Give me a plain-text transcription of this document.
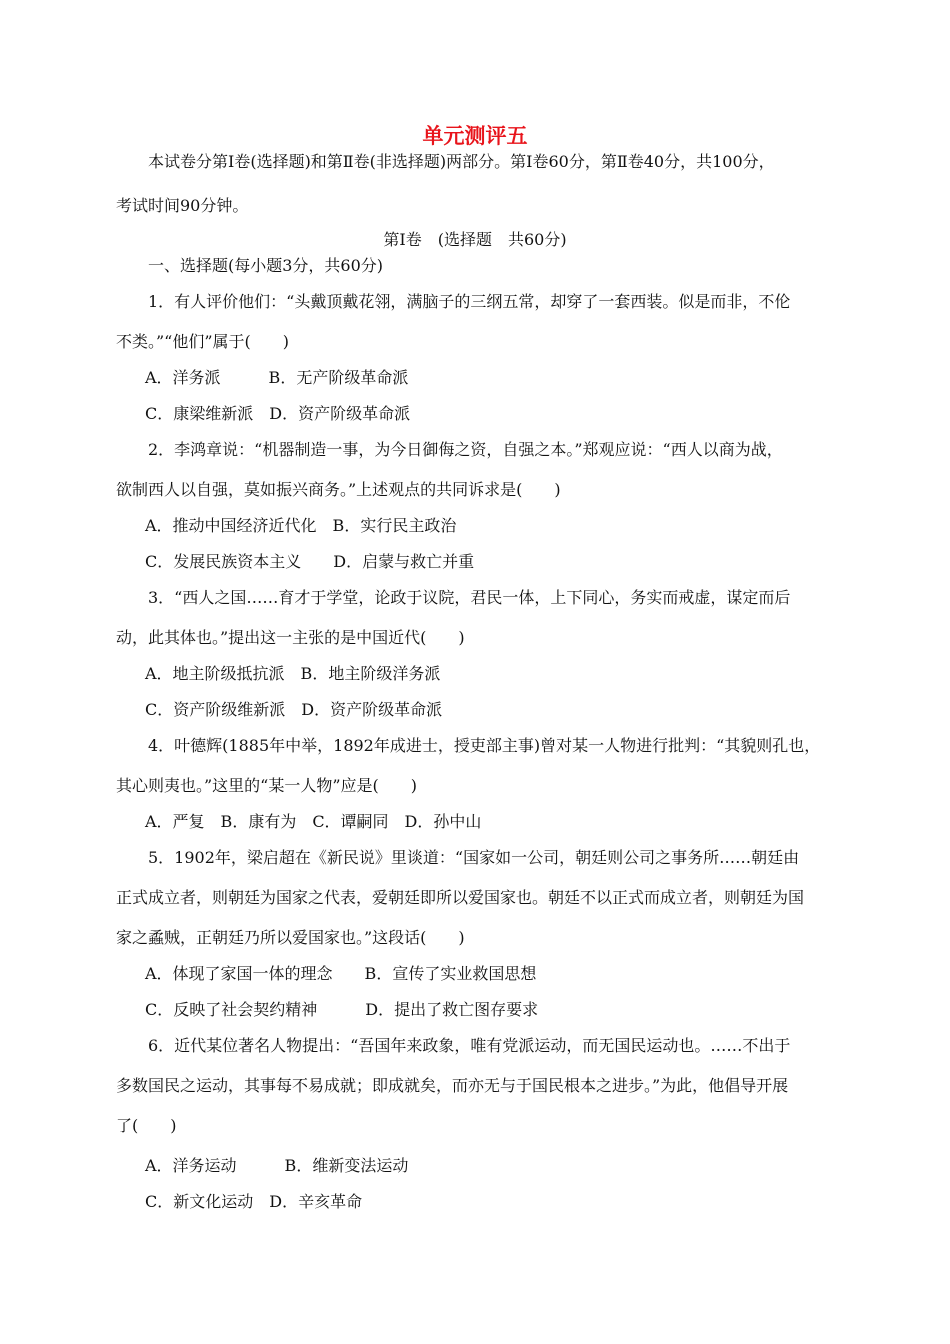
单元测评五
本试卷分第Ⅰ卷(选择题)和第Ⅱ卷(非选择题)两部分。第Ⅰ卷60分，第Ⅱ卷40分，共100分，
考试时间90分钟。
第Ⅰ卷　(选择题　共60分)
一、选择题(每小题3分，共60分)
1．有人评价他们：“头戴顶戴花翎，满脑子的三纲五常，却穿了一套西装。似是而非，不伦
不类。”“他们”属于(　　)
A．洋务派　　　B．无产阶级革命派
C．康梁维新派　D．资产阶级革命派
2．李鸿章说：“机器制造一事，为今日御侮之资，自强之本。”郑观应说：“西人以商为战，
欲制西人以自强，莫如振兴商务。”上述观点的共同诉求是(　　)
A．推动中国经济近代化　B．实行民主政治
C．发展民族资本主义　　D．启蒙与救亡并重
3．“西人之国……育才于学堂，论政于议院，君民一体，上下同心，务实而戒虚，谋定而后
动，此其体也。”提出这一主张的是中国近代(　　)
A．地主阶级抵抗派　B．地主阶级洋务派
C．资产阶级维新派　D．资产阶级革命派
4．叶德辉(1885年中举，1892年成进士，授吏部主事)曾对某一人物进行批判：“其貌则孔也，
其心则夷也。”这里的“某一人物”应是(　　)
A．严复　B．康有为　C．谭嗣同　D．孙中山
5．1902年，梁启超在《新民说》里谈道：“国家如一公司，朝廷则公司之事务所……朝廷由
正式成立者，则朝廷为国家之代表，爱朝廷即所以爱国家也。朝廷不以正式而成立者，则朝廷为国
家之蟊贼，正朝廷乃所以爱国家也。”这段话(　　)
A．体现了家国一体的理念　　B．宣传了实业救国思想
C．反映了社会契约精神　　　D．提出了救亡图存要求
6．近代某位著名人物提出：“吾国年来政象，唯有党派运动，而无国民运动也。……不出于
多数国民之运动，其事每不易成就；即成就矣，而亦无与于国民根本之进步。”为此，他倡导开展
了(　　)
A．洋务运动　　　B．维新变法运动
C．新文化运动　D．辛亥革命
